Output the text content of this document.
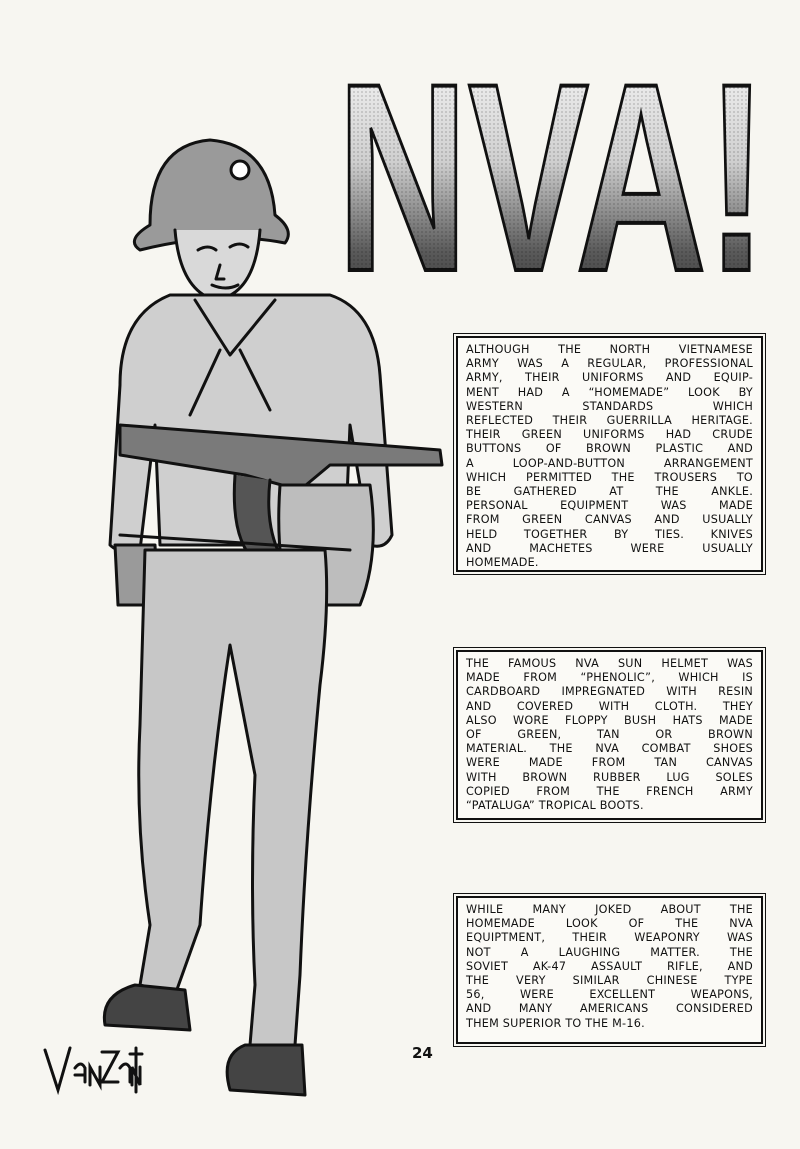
NVA!
NVA!
ALTHOUGH THE NORTH VIETNAMESE
ARMY WAS A REGULAR, PROFESSIONAL
ARMY, THEIR UNIFORMS AND EQUIP-
MENT HAD A “HOMEMADE” LOOK BY
WESTERN STANDARDS WHICH
REFLECTED THEIR GUERRILLA HERITAGE.
THEIR GREEN UNIFORMS HAD CRUDE
BUTTONS OF BROWN PLASTIC AND
A LOOP-AND-BUTTON ARRANGEMENT
WHICH PERMITTED THE TROUSERS TO
BE GATHERED AT THE ANKLE.
PERSONAL EQUIPMENT WAS MADE
FROM GREEN CANVAS AND USUALLY
HELD TOGETHER BY TIES. KNIVES
AND MACHETES WERE USUALLY
HOMEMADE.
THE FAMOUS NVA SUN HELMET WAS
MADE FROM “PHENOLIC”, WHICH IS
CARDBOARD IMPREGNATED WITH RESIN
AND COVERED WITH CLOTH. THEY
ALSO WORE FLOPPY BUSH HATS MADE
OF GREEN, TAN OR BROWN
MATERIAL. THE NVA COMBAT SHOES
WERE MADE FROM TAN CANVAS
WITH BROWN RUBBER LUG SOLES
COPIED FROM THE FRENCH ARMY
“PATALUGA” TROPICAL BOOTS.
WHILE MANY JOKED ABOUT THE
HOMEMADE LOOK OF THE NVA
EQUIPTMENT, THEIR WEAPONRY WAS
NOT A LAUGHING MATTER. THE
SOVIET AK-47 ASSAULT RIFLE, AND
THE VERY SIMILAR CHINESE TYPE
56, WERE EXCELLENT WEAPONS,
AND MANY AMERICANS CONSIDERED
THEM SUPERIOR TO THE M-16.
24
